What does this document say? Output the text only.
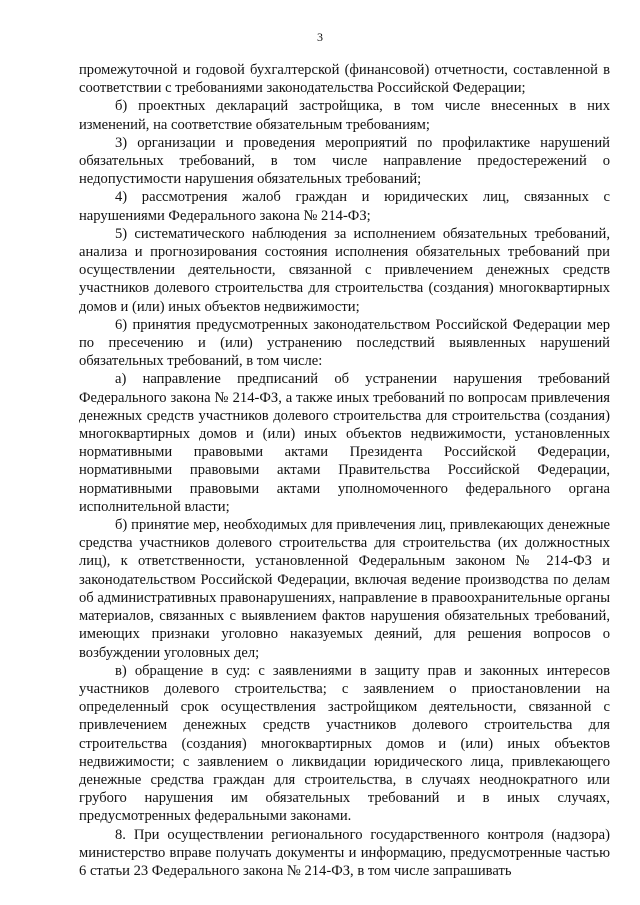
3

промежуточной и годовой бухгалтерской (финансовой) отчетности, составленной в соответствии с требованиями законодательства Российской Федерации;

б) проектных деклараций застройщика, в том числе внесенных в них изменений, на соответствие обязательным требованиям;

3) организации и проведения мероприятий по профилактике нарушений обязательных требований, в том числе направление предостережений о недопустимости нарушения обязательных требований;

4) рассмотрения жалоб граждан и юридических лиц, связанных с нарушениями Федерального закона № 214-ФЗ;

5) систематического наблюдения за исполнением обязательных требований, анализа и прогнозирования состояния исполнения обязательных требований при осуществлении деятельности, связанной с привлечением денежных средств участников долевого строительства для строительства (создания) многоквартирных домов и (или) иных объектов недвижимости;

6) принятия предусмотренных законодательством Российской Федерации мер по пресечению и (или) устранению последствий выявленных нарушений обязательных требований, в том числе:

а) направление предписаний об устранении нарушения требований Федерального закона № 214-ФЗ, а также иных требований по вопросам привлечения денежных средств участников долевого строительства для строительства (создания) многоквартирных домов и (или) иных объектов недвижимости, установленных нормативными правовыми актами Президента Российской Федерации, нормативными правовыми актами Правительства Российской Федерации, нормативными правовыми актами уполномоченного федерального органа исполнительной власти;

б) принятие мер, необходимых для привлечения лиц, привлекающих денежные средства участников долевого строительства для строительства (их должностных лиц), к ответственности, установленной Федеральным законом № 214-ФЗ и законодательством Российской Федерации, включая ведение производства по делам об административных правонарушениях, направление в правоохранительные органы материалов, связанных с выявлением фактов нарушения обязательных требований, имеющих признаки уголовно наказуемых деяний, для решения вопросов о возбуждении уголовных дел;

в) обращение в суд: с заявлениями в защиту прав и законных интересов участников долевого строительства; с заявлением о приостановлении на определенный срок осуществления застройщиком деятельности, связанной с привлечением денежных средств участников долевого строительства для строительства (создания) многоквартирных домов и (или) иных объектов недвижимости; с заявлением о ликвидации юридического лица, привлекающего денежные средства граждан для строительства, в случаях неоднократного или грубого нарушения им обязательных требований и в иных случаях, предусмотренных федеральными законами.

8. При осуществлении регионального государственного контроля (надзора) министерство вправе получать документы и информацию, предусмотренные частью 6 статьи 23 Федерального закона № 214-ФЗ, в том числе запрашивать
